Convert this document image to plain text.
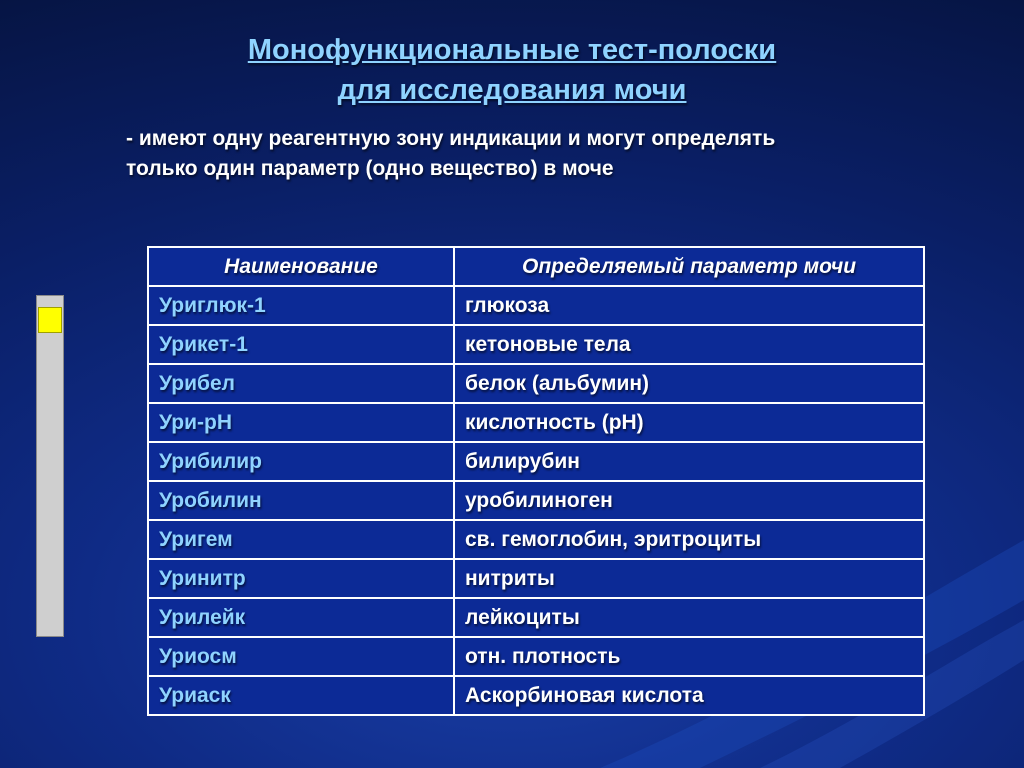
Монофункциональные тест-полоски
для исследования мочи
- имеют одну реагентную зону индикации и могут определять
только один параметр (одно вещество) в моче
Наименование	Определяемый параметр мочи
Уриглюк-1	глюкоза
Урикет-1	кетоновые тела
Урибел	белок (альбумин)
Ури-рН	кислотность (рН)
Урибилир	билирубин
Уробилин	уробилиноген
Уригем	св. гемоглобин, эритроциты
Уринитр	нитриты
Урилейк	лейкоциты
Уриосм	отн. плотность
Уриаск	Аскорбиновая кислота
